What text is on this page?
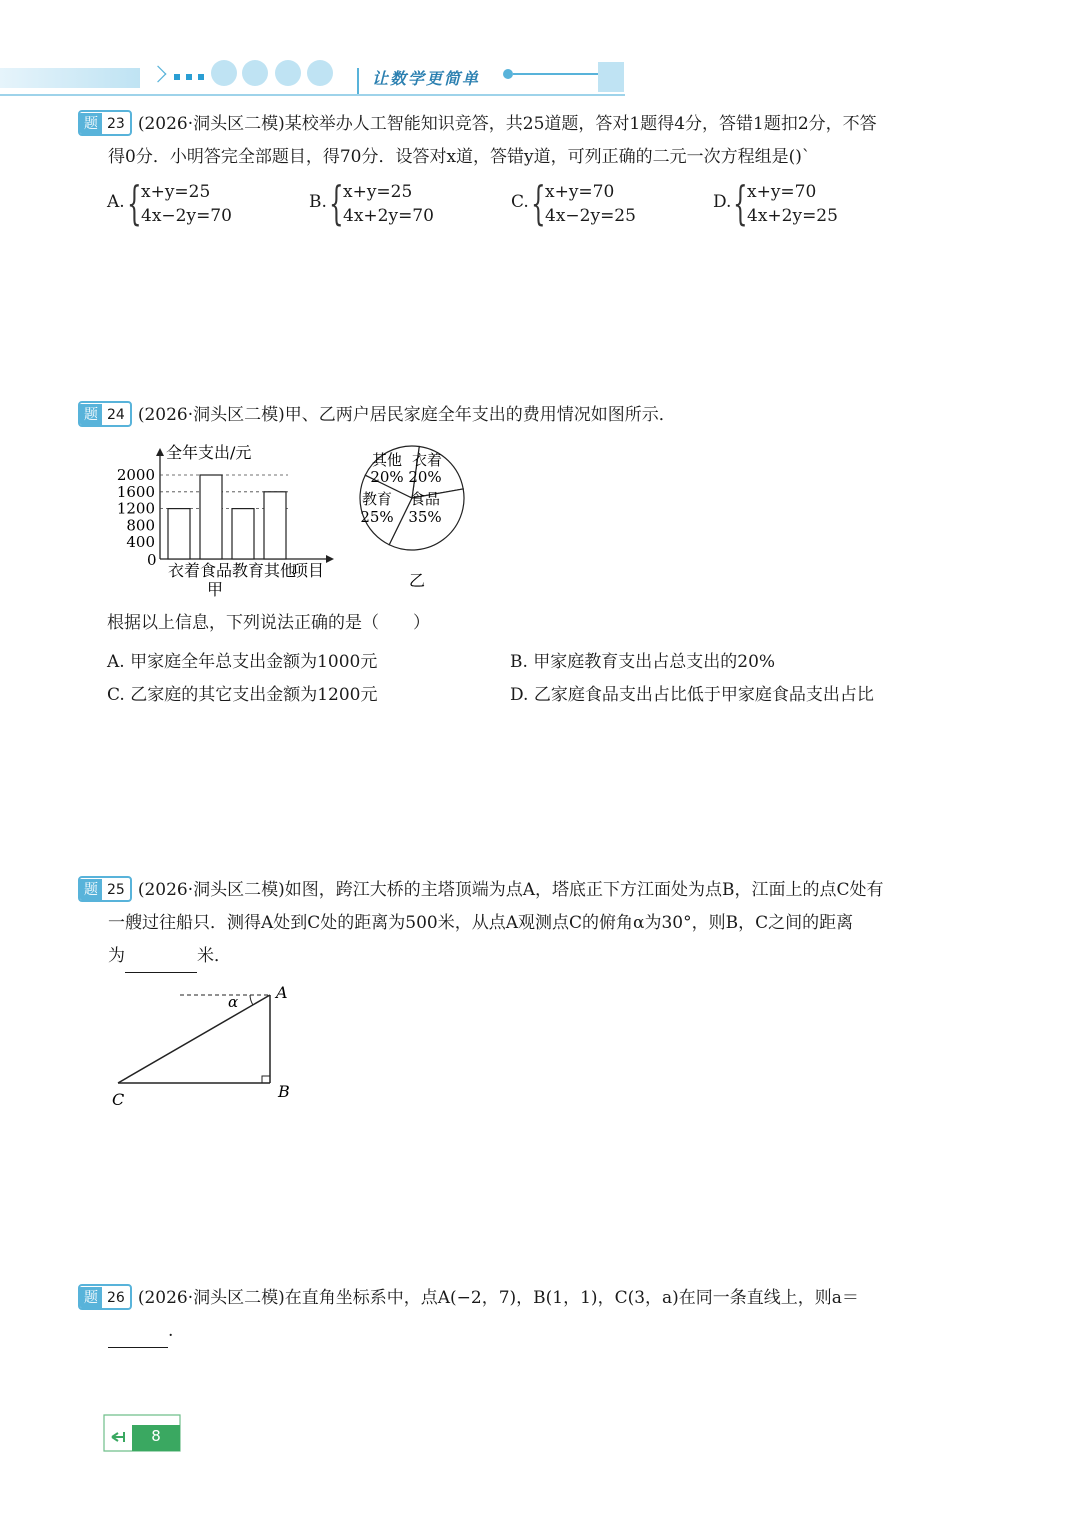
让数学更简单
题 23 (2026·洞头区二模)某校举办人工智能知识竞答，共25道题，答对1题得4分，答错1题扣2分，不答
得0分．小明答完全部题目，得70分．设答对x道，答错y道，可列正确的二元一次方程组是()`
A. { x+y=25
4x−2y=70
B. { x+y=25
4x+2y=70
C. { x+y=70
4x−2y=25
D. { x+y=70
4x+2y=25
题 24 (2026·洞头区二模)甲、乙两户居民家庭全年支出的费用情况如图所示．
2000
1600
1200
800
400
0
全年支出/元
衣着 食品 教育 其他
项目
甲
衣着
20%
食品
35%
教育
25%
其他
20%
乙
根据以上信息，下列说法正确的是（　　）
A. 甲家庭全年总支出金额为1000元	B. 甲家庭教育支出占总支出的20%
C. 乙家庭的其它支出金额为1200元	D. 乙家庭食品支出占比低于甲家庭食品支出占比
题 25 (2026·洞头区二模)如图，跨江大桥的主塔顶端为点A，塔底正下方江面处为点B，江面上的点C处有
一艘过往船只．测得A处到C处的距离为500米，从点A观测点C的俯角α为30°，则B，C之间的距离
为	米．
α A
B
C
题 26 (2026·洞头区二模)在直角坐标系中，点A(−2，7)，B(1，1)，C(3，a)在同一条直线上，则a＝
.
8
